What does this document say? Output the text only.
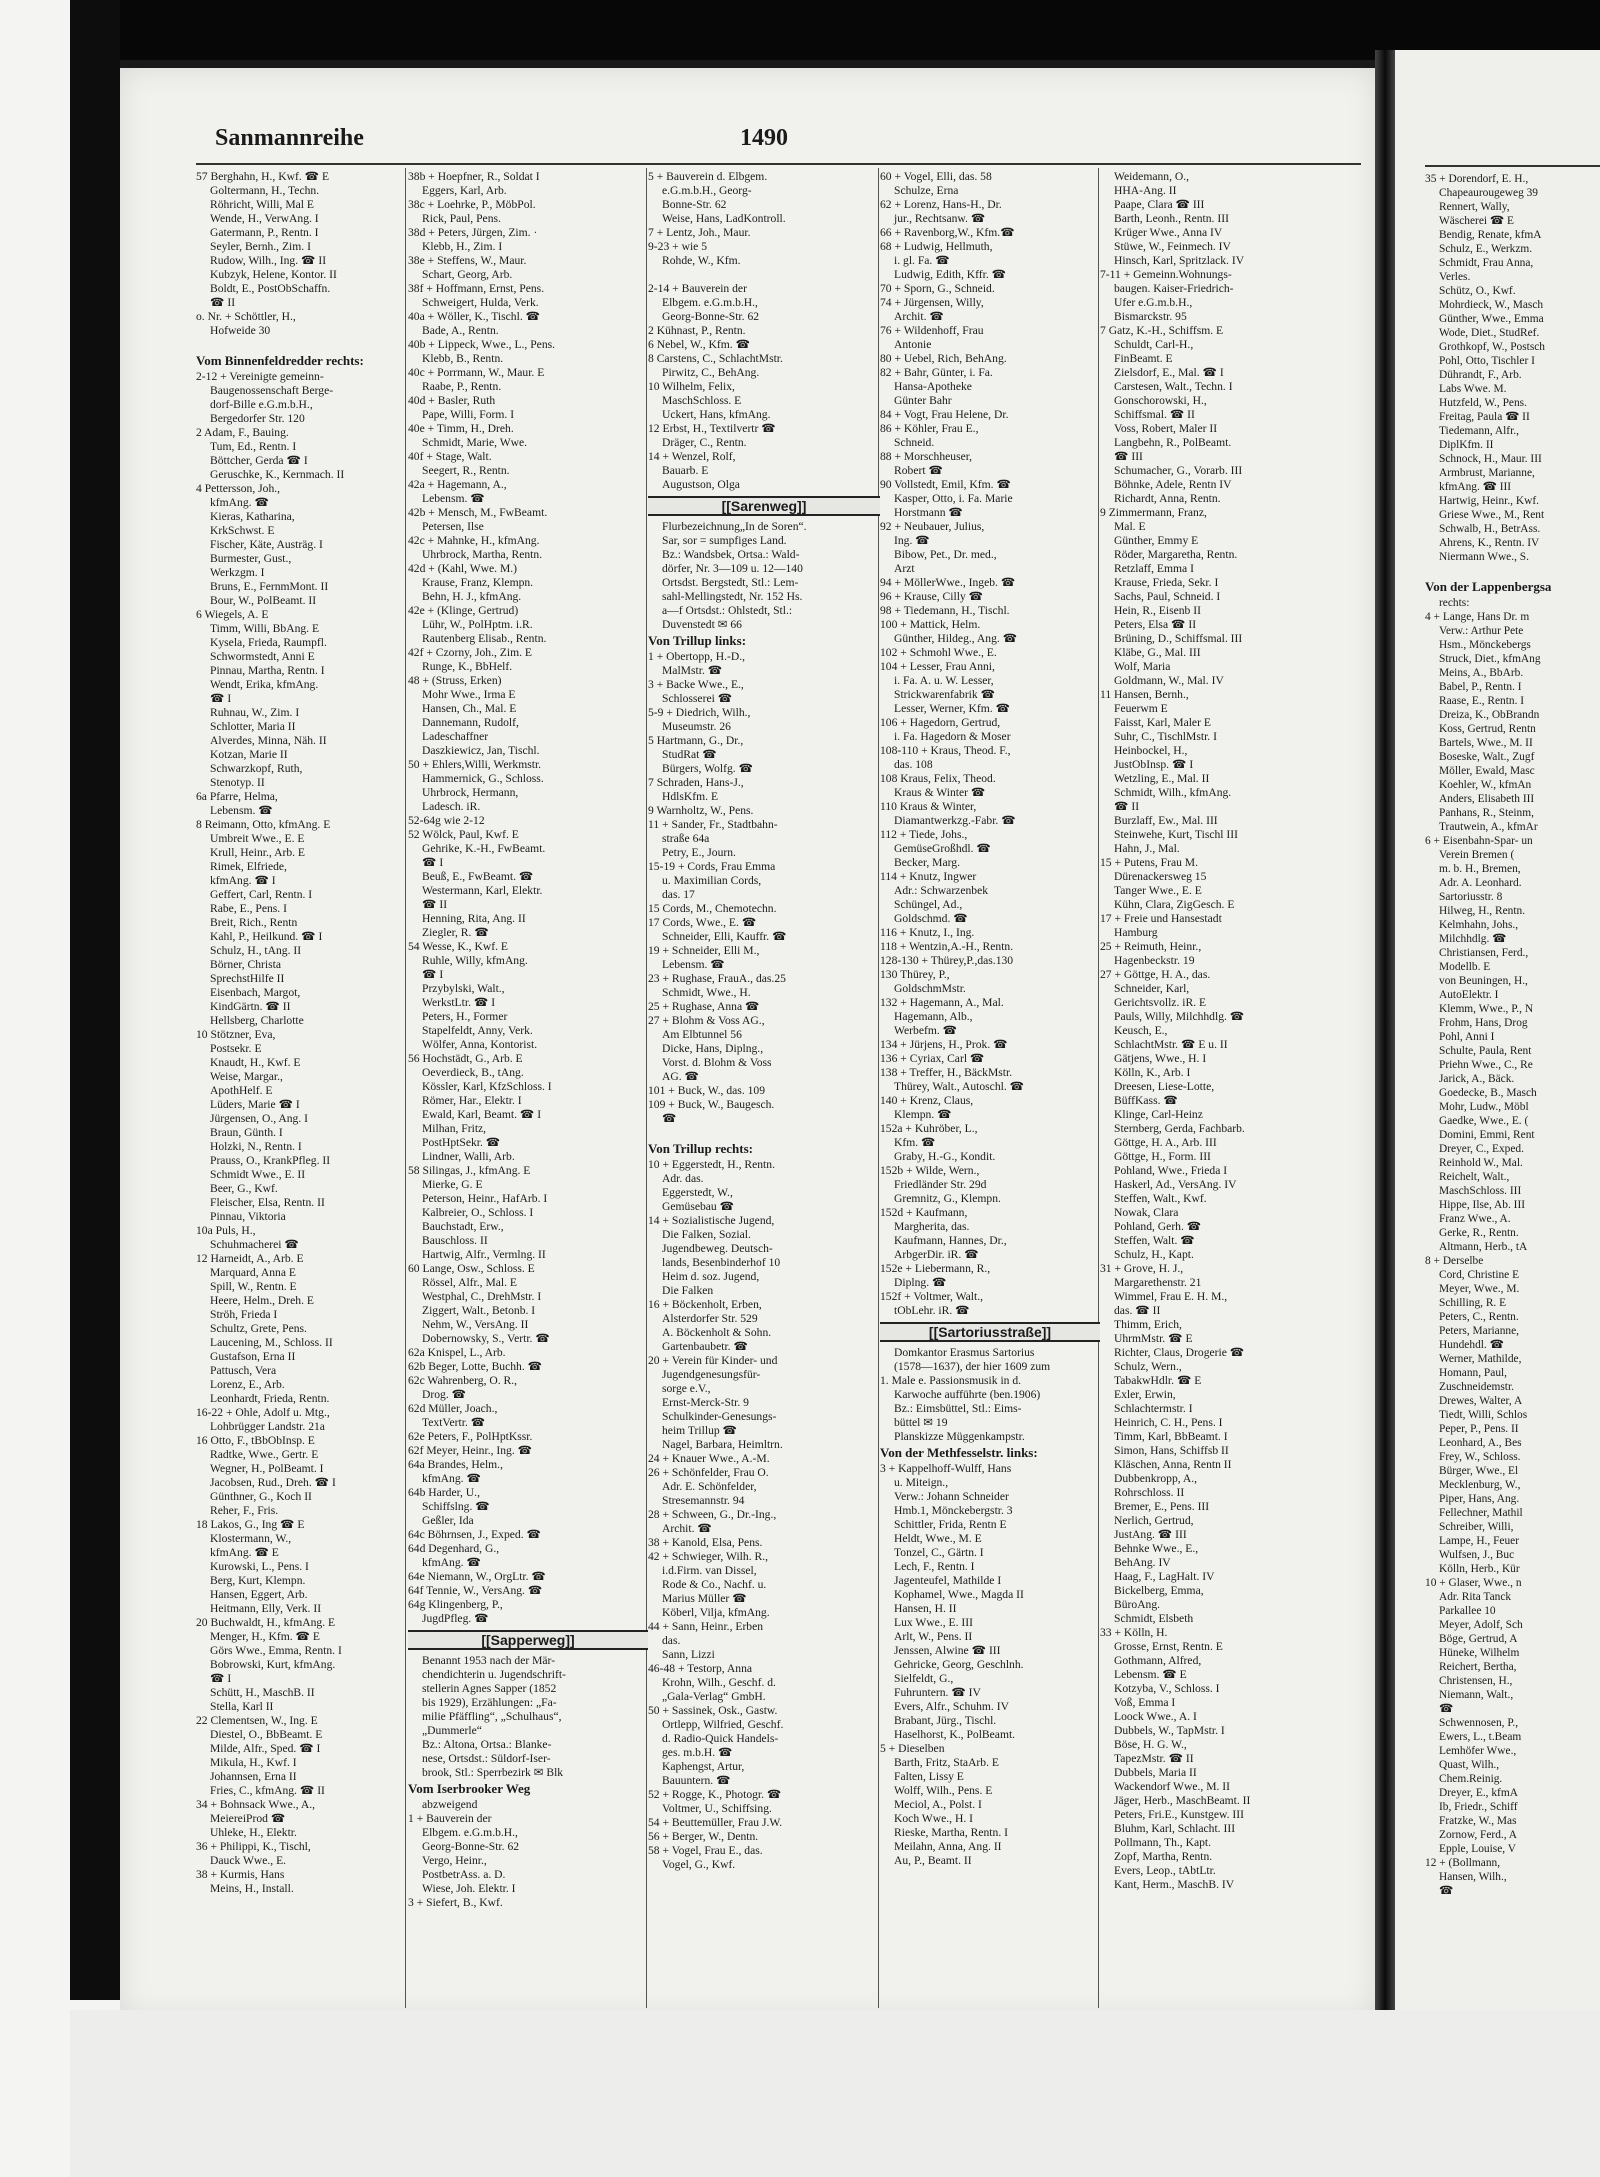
Sanmannreihe	1490
57 Berghahn, H., Kwf. ☎ E
Goltermann, H., Techn.
Röhricht, Willi, Mal E
Wende, H., VerwAng. I
Gatermann, P., Rentn. I
Seyler, Bernh., Zim. I
Rudow, Wilh., Ing. ☎ II
Kubzyk, Helene, Kontor. II
Boldt, E., PostObSchaffn.
☎ II
o. Nr. + Schöttler, H.,
Hofweide 30

Vom Binnenfeldredder rechts:
2-12 + Vereinigte gemeinn-
Baugenossenschaft Berge-
dorf-Bille e.G.m.b.H.,
Bergedorfer Str. 120
2 Adam, F., Bauing.
Tum, Ed., Rentn. I
Böttcher, Gerda ☎ I
Geruschke, K., Kernmach. II
4 Pettersson, Joh.,
kfmAng. ☎
Kieras, Katharina,
KrkSchwst. E
Fischer, Käte, Austräg. I
Burmester, Gust.,
Werkzgm. I
Bruns, E., FernmMont. II
Bour, W., PolBeamt. II
6 Wiegels, A. E
Timm, Willi, BbAng. E
Kysela, Frieda, Raumpfl.
Schwormstedt, Anni E
Pinnau, Martha, Rentn. I
Wendt, Erika, kfmAng.
☎ I
Ruhnau, W., Zim. I
Schlotter, Maria II
Alverdes, Minna, Näh. II
Kotzan, Marie II
Schwarzkopf, Ruth,
Stenotyp. II
6a Pfarre, Helma,
Lebensm. ☎
8 Reimann, Otto, kfmAng. E
Umbreit Wwe., E. E
Krull, Heinr., Arb. E
Rimek, Elfriede,
kfmAng. ☎ I
Geffert, Carl, Rentn. I
Rabe, E., Pens. I
Breit, Rich., Rentn
Kahl, P., Heilkund. ☎ I
Schulz, H., tAng. II
Börner, Christa
SprechstHilfe II
Eisenbach, Margot,
KindGärtn. ☎ II
Hellsberg, Charlotte
10 Stötzner, Eva,
Postsekr. E
Knaudt, H., Kwf. E
Weise, Margar.,
ApothHelf. E
Lüders, Marie ☎ I
Jürgensen, O., Ang. I
Braun, Günth. I
Holzki, N., Rentn. I
Prauss, O., KrankPfleg. II
Schmidt Wwe., E. II
Beer, G., Kwf.
Fleischer, Elsa, Rentn. II
Pinnau, Viktoria
10a Puls, H.,
Schuhmacherei ☎
12 Harneidt, A., Arb. E
Marquard, Anna E
Spill, W., Rentn. E
Heere, Helm., Dreh. E
Ströh, Frieda I
Schultz, Grete, Pens.
Laucening, M., Schloss. II
Gustafson, Erna II
Pattusch, Vera
Lorenz, E., Arb.
Leonhardt, Frieda, Rentn.
16-22 + Ohle, Adolf u. Mtg.,
Lohbrügger Landstr. 21a
16 Otto, F., tBbObInsp. E
Radtke, Wwe., Gertr. E
Wegner, H., PolBeamt. I
Jacobsen, Rud., Dreh. ☎ I
Günthner, G., Koch II
Reher, F., Fris.
18 Lakos, G., Ing ☎ E
Klostermann, W.,
kfmAng. ☎ E
Kurowski, L., Pens. I
Berg, Kurt, Klempn.
Hansen, Eggert, Arb.
Heitmann, Elly, Verk. II
20 Buchwaldt, H., kfmAng. E
Menger, H., Kfm. ☎ E
Görs Wwe., Emma, Rentn. I
Bobrowski, Kurt, kfmAng.
☎ I
Schütt, H., MaschB. II
Stella, Karl II
22 Clementsen, W., Ing. E
Diestel, O., BbBeamt. E
Milde, Alfr., Sped. ☎ I
Mikula, H., Kwf. I
Johannsen, Erna II
Fries, C., kfmAng. ☎ II
34 + Bohnsack Wwe., A.,
MeiereiProd ☎
Uhleke, H., Elektr.
36 + Philippi, K., Tischl,
Dauck Wwe., E.
38 + Kurmis, Hans
Meins, H., Install.
38b + Hoepfner, R., Soldat I
Eggers, Karl, Arb.
38c + Loehrke, P., MöbPol.
Rick, Paul, Pens.
38d + Peters, Jürgen, Zim. ·
Klebb, H., Zim. I
38e + Steffens, W., Maur.
Schart, Georg, Arb.
38f + Hoffmann, Ernst, Pens.
Schweigert, Hulda, Verk.
40a + Wöller, K., Tischl. ☎
Bade, A., Rentn.
40b + Lippeck, Wwe., L., Pens.
Klebb, B., Rentn.
40c + Porrmann, W., Maur. E
Raabe, P., Rentn.
40d + Basler, Ruth
Pape, Willi, Form. I
40e + Timm, H., Dreh.
Schmidt, Marie, Wwe.
40f + Stage, Walt.
Seegert, R., Rentn.
42a + Hagemann, A.,
Lebensm. ☎
42b + Mensch, M., FwBeamt.
Petersen, Ilse
42c + Mahnke, H., kfmAng.
Uhrbrock, Martha, Rentn.
42d + (Kahl, Wwe. M.)
Krause, Franz, Klempn.
Behn, H. J., kfmAng.
42e + (Klinge, Gertrud)
Lühr, W., PolHptm. i.R.
Rautenberg Elisab., Rentn.
42f + Czorny, Joh., Zim. E
Runge, K., BbHelf.
48 + (Struss, Erken)
Mohr Wwe., Irma E
Hansen, Ch., Mal. E
Dannemann, Rudolf,
Ladeschaffner
Daszkiewicz, Jan, Tischl.
50 + Ehlers,Willi, Werkmstr.
Hammernick, G., Schloss.
Uhrbrock, Hermann,
Ladesch. iR.
52-64g wie 2-12
52 Wölck, Paul, Kwf. E
Gehrike, K.-H., FwBeamt.
☎ I
Beuß, E., FwBeamt. ☎
Westermann, Karl, Elektr.
☎ II
Henning, Rita, Ang. II
Ziegler, R. ☎
54 Wesse, K., Kwf. E
Ruhle, Willy, kfmAng.
☎ I
Przybylski, Walt.,
WerkstLtr. ☎ I
Peters, H., Former
Stapelfeldt, Anny, Verk.
Wölfer, Anna, Kontorist.
56 Hochstädt, G., Arb. E
Oeverdieck, B., tAng.
Kössler, Karl, KfzSchloss. I
Römer, Har., Elektr. I
Ewald, Karl, Beamt. ☎ I
Milhan, Fritz,
PostHptSekr. ☎
Lindner, Walli, Arb.
58 Silingas, J., kfmAng. E
Mierke, G. E
Peterson, Heinr., HafArb. I
Kalbreier, O., Schloss. I
Bauchstadt, Erw.,
Bauschloss. II
Hartwig, Alfr., Vermlng. II
60 Lange, Osw., Schloss. E
Rössel, Alfr., Mal. E
Westphal, C., DrehMstr. I
Ziggert, Walt., Betonb. I
Nehm, W., VersAng. II
Dobernowsky, S., Vertr. ☎
62a Knispel, L., Arb.
62b Beger, Lotte, Buchh. ☎
62c Wahrenberg, O. R.,
Drog. ☎
62d Müller, Joach.,
TextVertr. ☎
62e Peters, F., PolHptKssr.
62f Meyer, Heinr., Ing. ☎
64a Brandes, Helm.,
kfmAng. ☎
64b Harder, U.,
Schiffslng. ☎
Geßler, Ida
64c Böhrnsen, J., Exped. ☎
64d Degenhard, G.,
kfmAng. ☎
64e Niemann, W., OrgLtr. ☎
64f Tennie, W., VersAng. ☎
64g Klingenberg, P.,
JugdPfleg. ☎
[[Sapperweg]]
Benannt 1953 nach der Mär-
chendichterin u. Jugendschrift-
stellerin Agnes Sapper (1852
bis 1929), Erzählungen: „Fa-
milie Pfäffling“, „Schulhaus“,
„Dummerle“
Bz.: Altona, Ortsa.: Blanke-
nese, Ortsdst.: Süldorf-Iser-
brook, Stl.: Sperrbezirk ✉ Blk
Vom Iserbrooker Weg
abzweigend
1 + Bauverein der
Elbgem. e.G.m.b.H.,
Georg-Bonne-Str. 62
Vergo, Heinr.,
PostbetrAss. a. D.
Wiese, Joh. Elektr. I
3 + Siefert, B., Kwf.
5 + Bauverein d. Elbgem.
e.G.m.b.H., Georg-
Bonne-Str. 62
Weise, Hans, LadKontroll.
7 + Lentz, Joh., Maur.
9-23 + wie 5
Rohde, W., Kfm.

2-14 + Bauverein der
Elbgem. e.G.m.b.H.,
Georg-Bonne-Str. 62
2 Kühnast, P., Rentn.
6 Nebel, W., Kfm. ☎
8 Carstens, C., SchlachtMstr.
Pirwitz, C., BehAng.
10 Wilhelm, Felix,
MaschSchloss. E
Uckert, Hans, kfmAng.
12 Erbst, H., Textilvertr ☎
Dräger, C., Rentn.
14 + Wenzel, Rolf,
Bauarb. E
Augustson, Olga
[[Sarenweg]]
Flurbezeichnung„In de Soren“.
Sar, sor = sumpfiges Land.
Bz.: Wandsbek, Ortsa.: Wald-
dörfer, Nr. 3—109 u. 12—140
Ortsdst. Bergstedt, Stl.: Lem-
sahl-Mellingstedt, Nr. 152 Hs.
a—f Ortsdst.: Ohlstedt, Stl.:
Duvenstedt ✉ 66
Von Trillup links:
1 + Obertopp, H.-D.,
MalMstr. ☎
3 + Backe Wwe., E.,
Schlosserei ☎
5-9 + Diedrich, Wilh.,
Museumstr. 26
5 Hartmann, G., Dr.,
StudRat ☎
Bürgers, Wolfg. ☎
7 Schraden, Hans-J.,
HdlsKfm. E
9 Warnholtz, W., Pens.
11 + Sander, Fr., Stadtbahn-
straße 64a
Petry, E., Journ.
15-19 + Cords, Frau Emma
u. Maximilian Cords,
das. 17
15 Cords, M., Chemotechn.
17 Cords, Wwe., E. ☎
Schneider, Elli, Kauffr. ☎
19 + Schneider, Elli M.,
Lebensm. ☎
23 + Rughase, FrauA., das.25
Schmidt, Wwe., H.
25 + Rughase, Anna ☎
27 + Blohm & Voss AG.,
Am Elbtunnel 56
Dicke, Hans, Diplng.,
Vorst. d. Blohm & Voss
AG. ☎
101 + Buck, W., das. 109
109 + Buck, W., Baugesch.
☎

Von Trillup rechts:
10 + Eggerstedt, H., Rentn.
Adr. das.
Eggerstedt, W.,
Gemüsebau ☎
14 + Sozialistische Jugend,
Die Falken, Sozial.
Jugendbeweg. Deutsch-
lands, Besenbinderhof 10
Heim d. soz. Jugend,
Die Falken
16 + Böckenholt, Erben,
Alsterdorfer Str. 529
A. Böckenholt & Sohn.
Gartenbaubetr. ☎
20 + Verein für Kinder- und
Jugendgenesungsfür-
sorge e.V.,
Ernst-Merck-Str. 9
Schulkinder-Genesungs-
heim Trillup ☎
Nagel, Barbara, Heimltrn.
24 + Knauer Wwe., A.-M.
26 + Schönfelder, Frau O.
Adr. E. Schönfelder,
Stresemannstr. 94
28 + Schween, G., Dr.-Ing.,
Archit. ☎
38 + Kanold, Elsa, Pens.
42 + Schwieger, Wilh. R.,
i.d.Firm. van Dissel,
Rode & Co., Nachf. u.
Marius Müller ☎
Köberl, Vilja, kfmAng.
44 + Sann, Heinr., Erben
das.
Sann, Lizzi
46-48 + Testorp, Anna
Krohn, Wilh., Geschf. d.
„Gala-Verlag“ GmbH.
50 + Sassinek, Osk., Gastw.
Ortlepp, Wilfried, Geschf.
d. Radio-Quick Handels-
ges. m.b.H. ☎
Kaphengst, Artur,
Bauuntern. ☎
52 + Rogge, K., Photogr. ☎
Voltmer, U., Schiffsing.
54 + Beuttemüller, Frau J.W.
56 + Berger, W., Dentn.
58 + Vogel, Frau E., das.
Vogel, G., Kwf.
60 + Vogel, Elli, das. 58
Schulze, Erna
62 + Lorenz, Hans-H., Dr.
jur., Rechtsanw. ☎
66 + Ravenborg,W., Kfm.☎
68 + Ludwig, Hellmuth,
i. gl. Fa. ☎
Ludwig, Edith, Kffr. ☎
70 + Sporn, G., Schneid.
74 + Jürgensen, Willy,
Archit. ☎
76 + Wildenhoff, Frau
Antonie
80 + Uebel, Rich, BehAng.
82 + Bahr, Günter, i. Fa.
Hansa-Apotheke
Günter Bahr
84 + Vogt, Frau Helene, Dr.
86 + Köhler, Frau E.,
Schneid.
88 + Morschheuser,
Robert ☎
90 Vollstedt, Emil, Kfm. ☎
Kasper, Otto, i. Fa. Marie
Horstmann ☎
92 + Neubauer, Julius,
Ing. ☎
Bibow, Pet., Dr. med.,
Arzt
94 + MöllerWwe., Ingeb. ☎
96 + Krause, Cilly ☎
98 + Tiedemann, H., Tischl.
100 + Mattick, Helm.
Günther, Hildeg., Ang. ☎
102 + Schmohl Wwe., E.
104 + Lesser, Frau Anni,
i. Fa. A. u. W. Lesser,
Strickwarenfabrik ☎
Lesser, Werner, Kfm. ☎
106 + Hagedorn, Gertrud,
i. Fa. Hagedorn & Moser
108-110 + Kraus, Theod. F.,
das. 108
108 Kraus, Felix, Theod.
Kraus & Winter ☎
110 Kraus & Winter,
Diamantwerkzg.-Fabr. ☎
112 + Tiede, Johs.,
GemüseGroßhdl. ☎
Becker, Marg.
114 + Knutz, Ingwer
Adr.: Schwarzenbek
Schüngel, Ad.,
Goldschmd. ☎
116 + Knutz, I., Ing.
118 + Wentzin,A.-H., Rentn.
128-130 + Thürey,P.,das.130
130 Thürey, P.,
GoldschmMstr.
132 + Hagemann, A., Mal.
Hagemann, Alb.,
Werbefm. ☎
134 + Jürjens, H., Prok. ☎
136 + Cyriax, Carl ☎
138 + Treffer, H., BäckMstr.
Thürey, Walt., Autoschl. ☎
140 + Krenz, Claus,
Klempn. ☎
152a + Kuhröber, L.,
Kfm. ☎
Graby, H.-G., Kondit.
152b + Wilde, Wern.,
Friedländer Str. 29d
Gremnitz, G., Klempn.
152d + Kaufmann,
Margherita, das.
Kaufmann, Hannes, Dr.,
ArbgerDir. iR. ☎
152e + Liebermann, R.,
Diplng. ☎
152f + Voltmer, Walt.,
tObLehr. iR. ☎
[[Sartoriusstraße]]
Domkantor Erasmus Sartorius
(1578—1637), der hier 1609 zum
1. Male e. Passionsmusik in d.
Karwoche aufführte (ben.1906)
Bz.: Eimsbüttel, Stl.: Eims-
büttel ✉ 19
Planskizze Müggenkampstr.
Von der Methfesselstr. links:
3 + Kappelhoff-Wulff, Hans
u. Miteign.,
Verw.: Johann Schneider
Hmb.1, Mönckebergstr. 3
Schittler, Frida, Rentn E
Heldt, Wwe., M. E
Tonzel, C., Gärtn. I
Lech, F., Rentn. I
Jagenteufel, Mathilde I
Kophamel, Wwe., Magda II
Hansen, H. II
Lux Wwe., E. III
Arlt, W., Pens. II
Jenssen, Alwine ☎ III
Gehricke, Georg, Geschlnh.
Sielfeldt, G.,
Fuhruntern. ☎ IV
Evers, Alfr., Schuhm. IV
Brabant, Jürg., Tischl.
Haselhorst, K., PolBeamt.
5 + Dieselben
Barth, Fritz, StaArb. E
Falten, Lissy E
Wolff, Wilh., Pens. E
Meciol, A., Polst. I
Koch Wwe., H. I
Rieske, Martha, Rentn. I
Meilahn, Anna, Ang. II
Au, P., Beamt. II
Weidemann, O.,
HHA-Ang. II
Paape, Clara ☎ III
Barth, Leonh., Rentn. III
Krüger Wwe., Anna IV
Stüwe, W., Feinmech. IV
Hinsch, Karl, Spritzlack. IV
7-11 + Gemeinn.Wohnungs-
baugen. Kaiser-Friedrich-
Ufer e.G.m.b.H.,
Bismarckstr. 95
7 Gatz, K.-H., Schiffsm. E
Schuldt, Carl-H.,
FinBeamt. E
Zielsdorf, E., Mal. ☎ I
Carstesen, Walt., Techn. I
Gonschorowski, H.,
Schiffsmal. ☎ II
Voss, Robert, Maler II
Langbehn, R., PolBeamt.
☎ III
Schumacher, G., Vorarb. III
Böhnke, Adele, Rentn IV
Richardt, Anna, Rentn.
9 Zimmermann, Franz,
Mal. E
Günther, Emmy E
Röder, Margaretha, Rentn.
Retzlaff, Emma I
Krause, Frieda, Sekr. I
Sachs, Paul, Schneid. I
Hein, R., Eisenb II
Peters, Elsa ☎ II
Brüning, D., Schiffsmal. III
Kläbe, G., Mal. III
Wolf, Maria
Goldmann, W., Mal. IV
11 Hansen, Bernh.,
Feuerwm E
Faisst, Karl, Maler E
Suhr, C., TischlMstr. I
Heinbockel, H.,
JustObInsp. ☎ I
Wetzling, E., Mal. II
Schmidt, Wilh., kfmAng.
☎ II
Burzlaff, Ew., Mal. III
Steinwehe, Kurt, Tischl III
Hahn, J., Mal.
15 + Putens, Frau M.
Dürenackersweg 15
Tanger Wwe., E. E
Kühn, Clara, ZigGesch. E
17 + Freie und Hansestadt
Hamburg
25 + Reimuth, Heinr.,
Hagenbeckstr. 19
27 + Göttge, H. A., das.
Schneider, Karl,
Gerichtsvollz. iR. E
Pauls, Willy, Milchhdlg. ☎
Keusch, E.,
SchlachtMstr. ☎ E u. II
Gätjens, Wwe., H. I
Kölln, K., Arb. I
Dreesen, Liese-Lotte,
BüffKass. ☎
Klinge, Carl-Heinz
Sternberg, Gerda, Fachbarb.
Göttge, H. A., Arb. III
Göttge, H., Form. III
Pohland, Wwe., Frieda I
Haskerl, Ad., VersAng. IV
Steffen, Walt., Kwf.
Nowak, Clara
Pohland, Gerh. ☎
Steffen, Walt. ☎
Schulz, H., Kapt.
31 + Grove, H. J.,
Margarethenstr. 21
Wimmel, Frau E. H. M.,
das. ☎ II
Thimm, Erich,
UhrmMstr. ☎ E
Richter, Claus, Drogerie ☎
Schulz, Wern.,
TabakwHdlr. ☎ E
Exler, Erwin,
Schlachtermstr. I
Heinrich, C. H., Pens. I
Timm, Karl, BbBeamt. I
Simon, Hans, Schiffsb II
Kläschen, Anna, Rentn II
Dubbenkropp, A.,
Rohrschloss. II
Bremer, E., Pens. III
Nerlich, Gertrud,
JustAng. ☎ III
Behnke Wwe., E.,
BehAng. IV
Haag, F., LagHalt. IV
Bickelberg, Emma,
BüroAng.
Schmidt, Elsbeth
33 + Kölln, H.
Grosse, Ernst, Rentn. E
Gothmann, Alfred,
Lebensm. ☎ E
Kotzyba, V., Schloss. I
Voß, Emma I
Loock Wwe., A. I
Dubbels, W., TapMstr. I
Böse, H. G. W.,
TapezMstr. ☎ II
Dubbels, Maria II
Wackendorf Wwe., M. II
Jäger, Herb., MaschBeamt. II
Peters, Fri.E., Kunstgew. III
Bluhm, Karl, Schlacht. III
Pollmann, Th., Kapt.
Zopf, Martha, Rentn.
Evers, Leop., tAbtLtr.
Kant, Herm., MaschB. IV
35 + Dorendorf, E. H.,
Chapeaurougeweg 39
Rennert, Wally,
Wäscherei ☎ E
Bendig, Renate, kfmA
Schulz, E., Werkzm.
Schmidt, Frau Anna,
Verles.
Schütz, O., Kwf.
Mohrdieck, W., Masch
Günther, Wwe., Emma
Wode, Diet., StudRef.
Grothkopf, W., Postsch
Pohl, Otto, Tischler I
Dührandt, F., Arb.
Labs Wwe. M.
Hutzfeld, W., Pens.
Freitag, Paula ☎ II
Tiedemann, Alfr.,
DiplKfm. II
Schnock, H., Maur. III
Armbrust, Marianne,
kfmAng. ☎ III
Hartwig, Heinr., Kwf.
Griese Wwe., M., Rent
Schwalb, H., BetrAss.
Ahrens, K., Rentn. IV
Niermann Wwe., S.

Von der Lappenbergsa
rechts:
4 + Lange, Hans Dr. m
Verw.: Arthur Pete
Hsm., Mönckebergs
Struck, Diet., kfmAng
Meins, A., BbArb.
Babel, P., Rentn. I
Raase, E., Rentn. I
Dreiza, K., ObBrandn
Koss, Gertrud, Rentn
Bartels, Wwe., M. II
Boseske, Walt., Zugf
Möller, Ewald, Masc
Koehler, W., kfmAn
Anders, Elisabeth III
Panhans, R., Steinm,
Trautwein, A., kfmAr
6 + Eisenbahn-Spar- un
Verein Bremen (
m. b. H., Bremen,
Adr. A. Leonhard.
Sartoriusstr. 8
Hilweg, H., Rentn.
Kelmhahn, Johs.,
Milchhdlg. ☎
Christiansen, Ferd.,
Modellb. E
von Beuningen, H.,
AutoElektr. I
Klemm, Wwe., P., N
Frohm, Hans, Drog
Pohl, Anni I
Schulte, Paula, Rent
Priehn Wwe., C., Re
Jarick, A., Bäck.
Goedecke, B., Masch
Mohr, Ludw., Möbl
Gaedke, Wwe., E. (
Domini, Emmi, Rent
Dreyer, C., Exped.
Reinhold W., Mal.
Reichelt, Walt.,
MaschSchloss. III
Hippe, Ilse, Ab. III
Franz Wwe., A.
Gerke, R., Rentn.
Altmann, Herb., tA
8 + Derselbe
Cord, Christine E
Meyer, Wwe., M.
Schilling, R. E
Peters, C., Rentn.
Peters, Marianne,
Hundehdl. ☎
Werner, Mathilde,
Homann, Paul,
Zuschneidemstr.
Drewes, Walter, A
Tiedt, Willi, Schlos
Peper, P., Pens. II
Leonhard, A., Bes
Frey, W., Schloss.
Bürger, Wwe., El
Mecklenburg, W.,
Piper, Hans, Ang.
Fellechner, Mathil
Schreiber, Willi,
Lampe, H., Feuer
Wulfsen, J., Buc
Kölln, Herb., Kür
10 + Glaser, Wwe., n
Adr. Rita Tanck
Parkallee 10
Meyer, Adolf, Sch
Böge, Gertrud, A
Hüneke, Wilhelm
Reichert, Bertha,
Christensen, H.,
Niemann, Walt.,
☎
Schwennosen, P.,
Ewers, L., t.Beam
Lemhöfer Wwe.,
Quast, Wilh.,
Chem.Reinig.
Dreyer, E., kfmA
Ib, Friedr., Schiff
Fratzke, W., Mas
Zornow, Ferd., A
Epple, Louise, V
12 + (Bollmann,
Hansen, Wilh.,
☎
